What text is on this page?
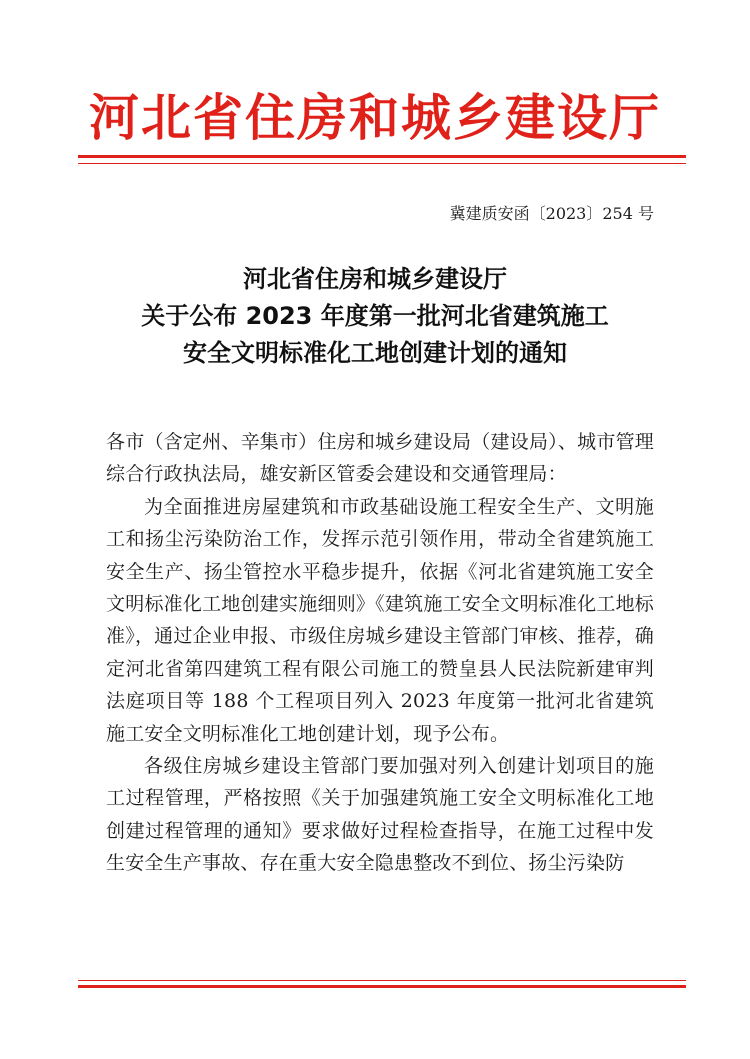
河北省住房和城乡建设厅
冀建质安函〔2023〕254 号
河北省住房和城乡建设厅
关于公布 2023 年度第一批河北省建筑施工
安全文明标准化工地创建计划的通知

各市（含定州、辛集市）住房和城乡建设局（建设局）、城市管理综合行政执法局，雄安新区管委会建设和交通管理局：

为全面推进房屋建筑和市政基础设施工程安全生产、文明施工和扬尘污染防治工作，发挥示范引领作用，带动全省建筑施工安全生产、扬尘管控水平稳步提升，依据《河北省建筑施工安全文明标准化工地创建实施细则》《建筑施工安全文明标准化工地标准》，通过企业申报、市级住房城乡建设主管部门审核、推荐，确定河北省第四建筑工程有限公司施工的赞皇县人民法院新建审判法庭项目等 188 个工程项目列入 2023 年度第一批河北省建筑施工安全文明标准化工地创建计划，现予公布。

各级住房城乡建设主管部门要加强对列入创建计划项目的施工过程管理，严格按照《关于加强建筑施工安全文明标准化工地创建过程管理的通知》要求做好过程检查指导，在施工过程中发生安全生产事故、存在重大安全隐患整改不到位、扬尘污染防
